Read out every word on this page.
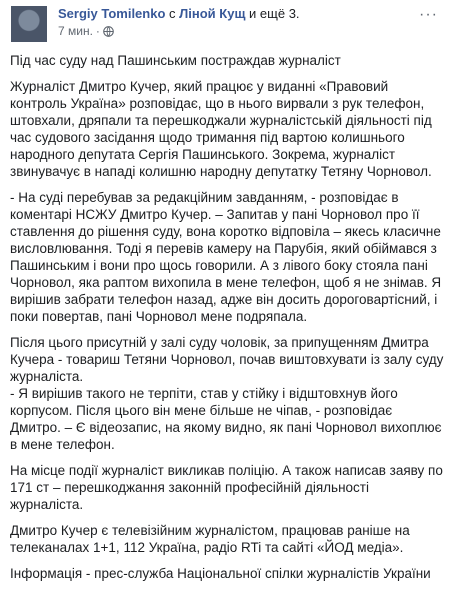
Sergiy Tomilenko с Ліной Кущ и ещё 3.
7 мин. ·
···

Під час суду над Пашинським постраждав журналіст

Журналіст Дмитро Кучер, який працює у виданні «Правовий контроль Україна» розповідає, що в нього вирвали з рук телефон, штовхали, дряпали та перешкоджали журналістській діяльності під час судового засідання щодо тримання під вартою колишнього народного депутата Сергія Пашинського. Зокрема, журналіст звинувачує в нападі колишню народну депутатку Тетяну Чорновол.

- На суді перебував за редакційним завданням, - розповідає в коментарі НСЖУ Дмитро Кучер. – Запитав у пані Чорновол про її ставлення до рішення суду, вона коротко відповіла – якесь класичне висловлювання. Тоді я перевів камеру на Парубія, який обіймався з Пашинським і вони про щось говорили. А з лівого боку стояла пані Чорновол, яка раптом вихопила в мене телефон, щоб я не знімав. Я вирішив забрати телефон назад, адже він досить дороговартісний, і поки повертав, пані Чорновол мене подряпала.

Після цього присутній у залі суду чоловік, за припущенням Дмитра Кучера - товариш Тетяни Чорновол, почав виштовхувати із залу суду журналіста.
- Я вирішив такого не терпіти, став у стійку і відштовхнув його корпусом. Після цього він мене більше не чіпав, - розповідає Дмитро. – Є відеозапис, на якому видно, як пані Чорновол вихоплює в мене телефон.

На місце події журналіст викликав поліцію. А також написав заяву по 171 ст – перешкоджання законній професійній діяльності журналіста.

Дмитро Кучер є телевізійним журналістом, працював раніше на телеканалах 1+1, 112 Україна, радіо RTi та сайті «ЙОД медіа».

Інформація - прес-служба Національної спілки журналістів України
